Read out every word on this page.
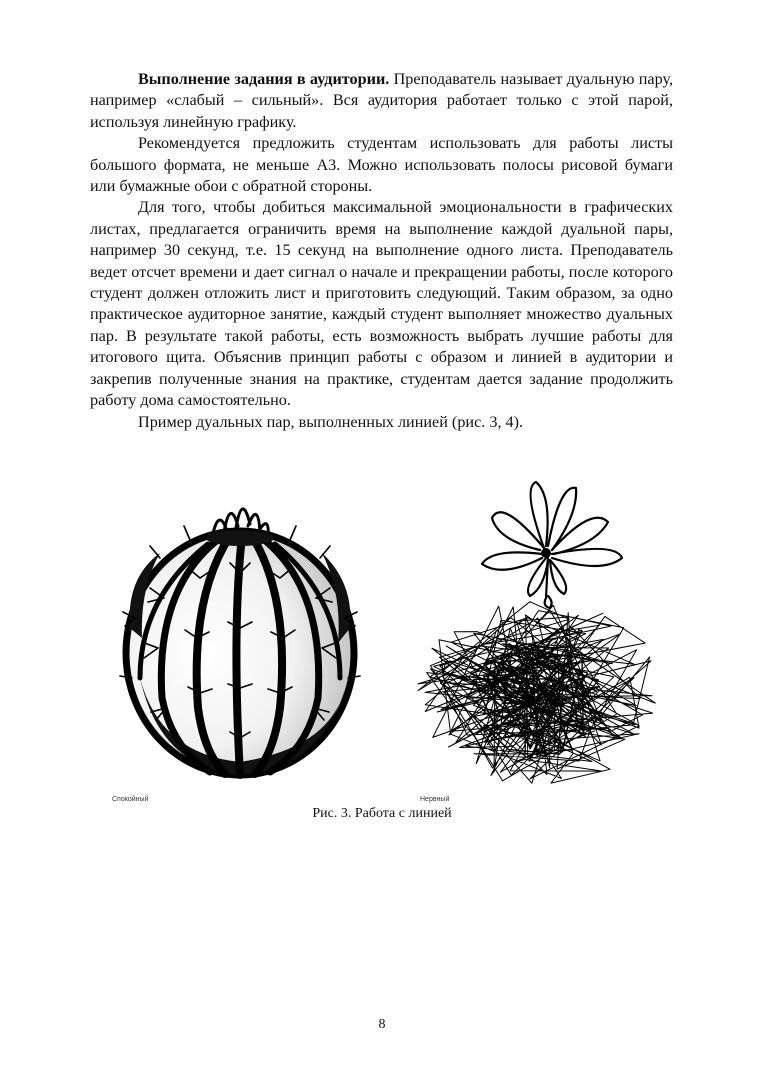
Выполнение задания в аудитории. Преподаватель называет дуальную пару, например «слабый – сильный». Вся аудитория работает только с этой парой, используя линейную графику.

Рекомендуется предложить студентам использовать для работы листы большого формата, не меньше А3. Можно использовать полосы рисовой бумаги или бумажные обои с обратной стороны.

Для того, чтобы добиться максимальной эмоциональности в графических листах, предлагается ограничить время на выполнение каждой дуальной пары, например 30 секунд, т.е. 15 секунд на выполнение одного листа. Преподаватель ведет отсчет времени и дает сигнал о начале и прекращении работы, после которого студент должен отложить лист и приготовить следующий. Таким образом, за одно практическое аудиторное занятие, каждый студент выполняет множество дуальных пар. В результате такой работы, есть возможность выбрать лучшие работы для итогового щита. Объяснив принцип работы с образом и линией в аудитории и закрепив полученные знания на практике, студентам дается задание продолжить работу дома самостоятельно.

Пример дуальных пар, выполненных линией (рис. 3, 4).

Спокойный	Нервный
Рис. 3. Работа с линией
8
